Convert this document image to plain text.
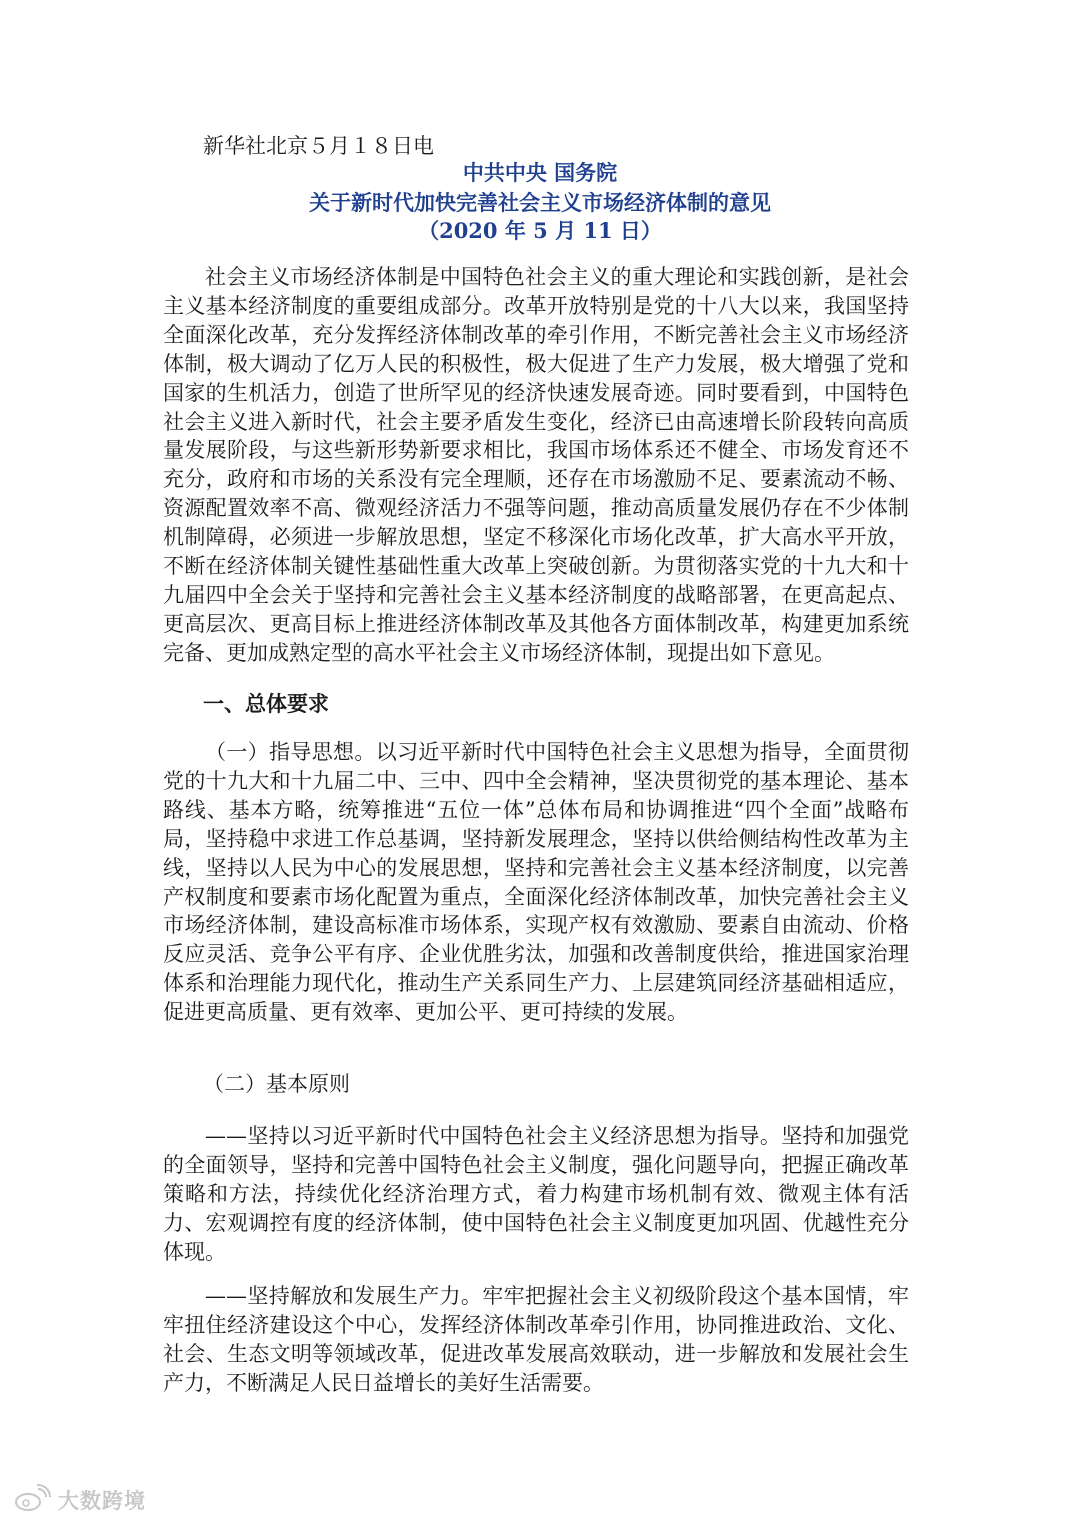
新华社北京５月１８日电
中共中央 国务院
关于新时代加快完善社会主义市场经济体制的意见
（2020 年 5 月 11 日）

社会主义市场经济体制是中国特色社会主义的重大理论和实践创新，是社会主义基本经济制度的重要组成部分。改革开放特别是党的十八大以来，我国坚持全面深化改革，充分发挥经济体制改革的牵引作用，不断完善社会主义市场经济体制，极大调动了亿万人民的积极性，极大促进了生产力发展，极大增强了党和国家的生机活力，创造了世所罕见的经济快速发展奇迹。同时要看到，中国特色社会主义进入新时代，社会主要矛盾发生变化，经济已由高速增长阶段转向高质量发展阶段，与这些新形势新要求相比，我国市场体系还不健全、市场发育还不充分，政府和市场的关系没有完全理顺，还存在市场激励不足、要素流动不畅、资源配置效率不高、微观经济活力不强等问题，推动高质量发展仍存在不少体制机制障碍，必须进一步解放思想，坚定不移深化市场化改革，扩大高水平开放，不断在经济体制关键性基础性重大改革上突破创新。为贯彻落实党的十九大和十九届四中全会关于坚持和完善社会主义基本经济制度的战略部署，在更高起点、更高层次、更高目标上推进经济体制改革及其他各方面体制改革，构建更加系统完备、更加成熟定型的高水平社会主义市场经济体制，现提出如下意见。

一、总体要求

（一）指导思想。以习近平新时代中国特色社会主义思想为指导，全面贯彻党的十九大和十九届二中、三中、四中全会精神，坚决贯彻党的基本理论、基本路线、基本方略，统筹推进“五位一体”总体布局和协调推进“四个全面”战略布局，坚持稳中求进工作总基调，坚持新发展理念，坚持以供给侧结构性改革为主线，坚持以人民为中心的发展思想，坚持和完善社会主义基本经济制度，以完善产权制度和要素市场化配置为重点，全面深化经济体制改革，加快完善社会主义市场经济体制，建设高标准市场体系，实现产权有效激励、要素自由流动、价格反应灵活、竞争公平有序、企业优胜劣汰，加强和改善制度供给，推进国家治理体系和治理能力现代化，推动生产关系同生产力、上层建筑同经济基础相适应，促进更高质量、更有效率、更加公平、更可持续的发展。

（二）基本原则

——坚持以习近平新时代中国特色社会主义经济思想为指导。坚持和加强党的全面领导，坚持和完善中国特色社会主义制度，强化问题导向，把握正确改革策略和方法，持续优化经济治理方式，着力构建市场机制有效、微观主体有活力、宏观调控有度的经济体制，使中国特色社会主义制度更加巩固、优越性充分体现。

——坚持解放和发展生产力。牢牢把握社会主义初级阶段这个基本国情，牢牢扭住经济建设这个中心，发挥经济体制改革牵引作用，协同推进政治、文化、社会、生态文明等领域改革，促进改革发展高效联动，进一步解放和发展社会生产力，不断满足人民日益增长的美好生活需要。

大数跨境
